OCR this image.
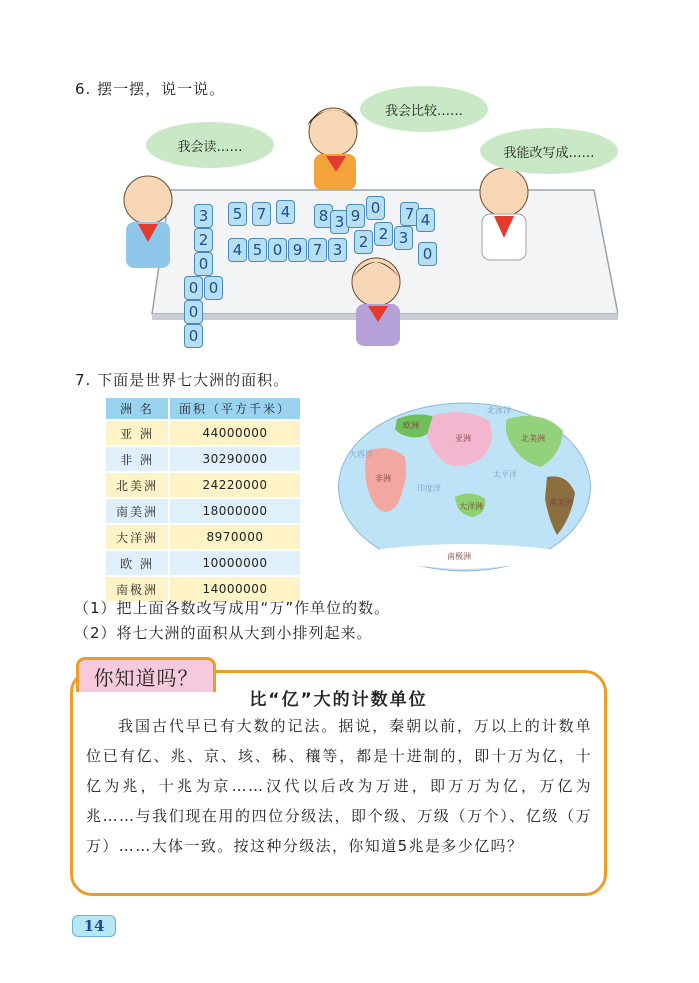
6. 摆一摆，说一说。
我会读……
我会比较……
我能改写成……
3
2
0
0
0
0
0
5 7 4	8 3 9 0	7 4
4 5 0 9 7 3	2 2 3
0
7. 下面是世界七大洲的面积。
洲 名	面积（平方千米）
亚 洲	44000000
非 洲	30290000
北美洲	24220000
南美洲	18000000
大洋洲	8970000
欧 洲	10000000
南极洲	14000000
欧洲
亚洲
非洲
大洋洲
北美洲
南美洲
南极洲
北冰洋
印度洋
太平洋
大西洋
（1）把上面各数改写成用“万”作单位的数。
（2）将七大洲的面积从大到小排列起来。
你知道吗？
比“亿”大的计数单位

我国古代早已有大数的记法。据说，秦朝以前，万以上的计数单位已有亿、兆、京、垓、秭、穰等，都是十进制的，即十万为亿，十亿为兆，十兆为京……汉代以后改为万进，即万万为亿，万亿为兆……与我们现在用的四位分级法，即个级、万级（万个）、亿级（万万）……大体一致。按这种分级法，你知道5兆是多少亿吗？

14
